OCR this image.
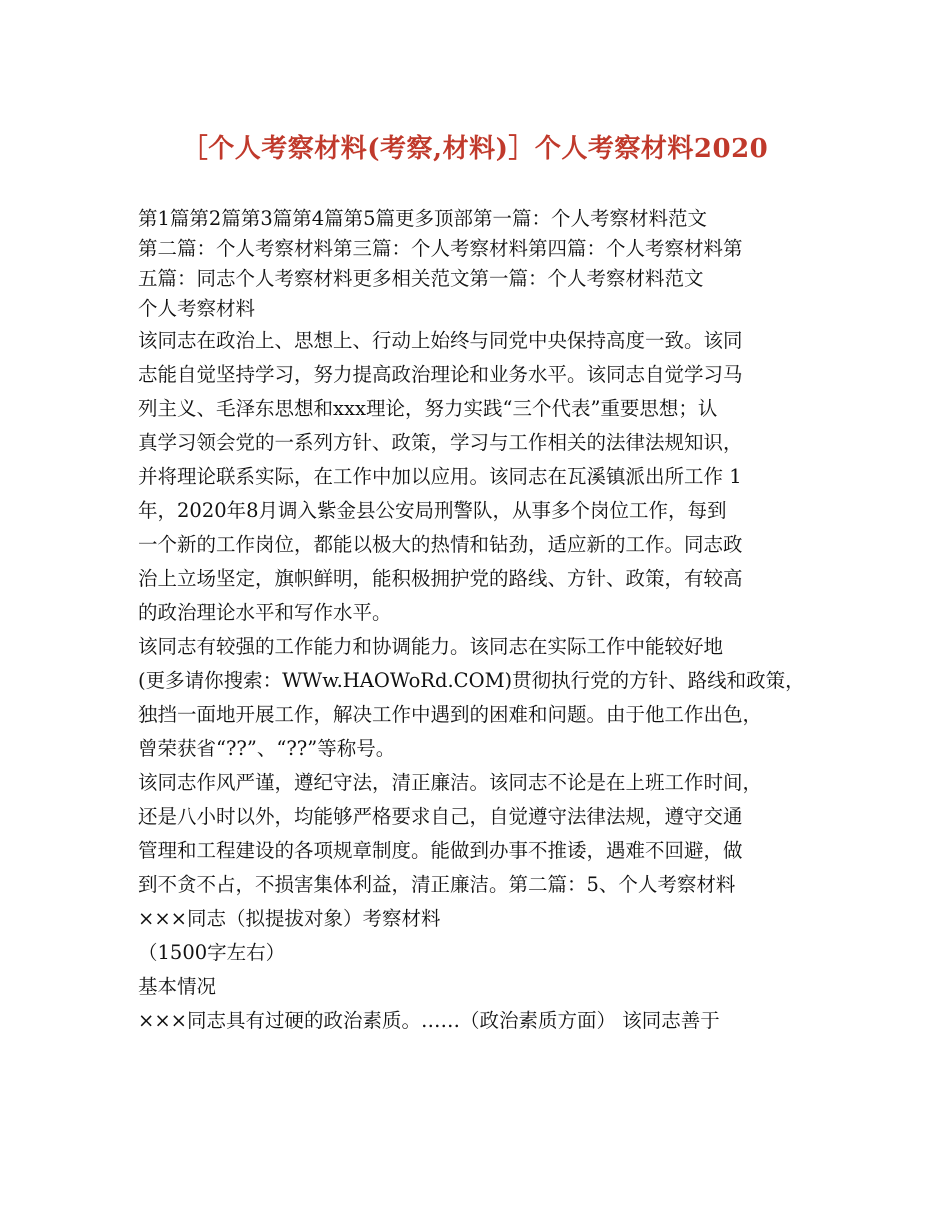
［个人考察材料(考察,材料)］个人考察材料2020
第1篇第2篇第3篇第4篇第5篇更多顶部第一篇：个人考察材料范文
第二篇：个人考察材料第三篇：个人考察材料第四篇：个人考察材料第
五篇：同志个人考察材料更多相关范文第一篇：个人考察材料范文
个人考察材料
该同志在政治上、思想上、行动上始终与同党中央保持高度一致。该同
志能自觉坚持学习，努力提高政治理论和业务水平。该同志自觉学习马
列主义、毛泽东思想和xxx理论，努力实践“三个代表”重要思想；认
真学习领会党的一系列方针、政策，学习与工作相关的法律法规知识，
并将理论联系实际，在工作中加以应用。该同志在瓦溪镇派出所工作 1
年，2020年8月调入紫金县公安局刑警队，从事多个岗位工作，每到
一个新的工作岗位，都能以极大的热情和钻劲，适应新的工作。同志政
治上立场坚定，旗帜鲜明，能积极拥护党的路线、方针、政策，有较高
的政治理论水平和写作水平。
该同志有较强的工作能力和协调能力。该同志在实际工作中能较好地
(更多请你搜索：WWw.HAOWoRd.COM)贯彻执行党的方针、路线和政策，
独挡一面地开展工作，解决工作中遇到的困难和问题。由于他工作出色，
曾荣获省“??”、“??”等称号。
该同志作风严谨，遵纪守法，清正廉洁。该同志不论是在上班工作时间，
还是八小时以外，均能够严格要求自己，自觉遵守法律法规，遵守交通
管理和工程建设的各项规章制度。能做到办事不推诿，遇难不回避，做
到不贪不占，不损害集体利益，清正廉洁。第二篇：5、个人考察材料
×××同志（拟提拔对象）考察材料
（1500字左右）
基本情况
×××同志具有过硬的政治素质。……（政治素质方面） 该同志善于
